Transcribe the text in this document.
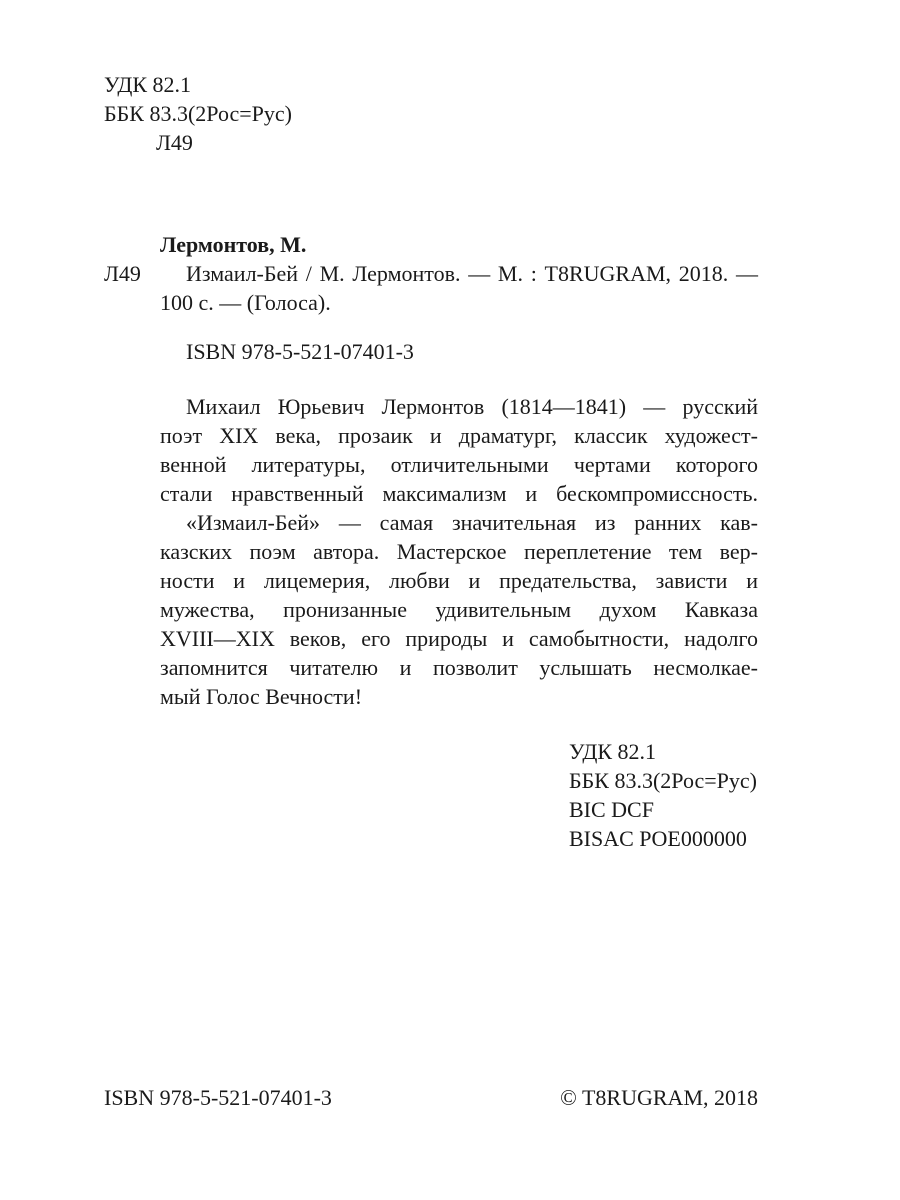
УДК 82.1
ББК 83.3(2Рос=Рус)
Л49
Лермонтов, М.
Л49 Измаил-Бей / М. Лермонтов. — М. : T8RUGRAM, 2018. —
100 с. — (Голоса).
ISBN 978-5-521-07401-3
Михаил Юрьевич Лермонтов (1814—1841) — русский
поэт XIX века, прозаик и драматург, классик художест-
венной литературы, отличительными чертами которого
стали нравственный максимализм и бескомпромиссность.
«Измаил-Бей» — самая значительная из ранних кав-
казских поэм автора. Мастерское переплетение тем вер-
ности и лицемерия, любви и предательства, зависти и
мужества, пронизанные удивительным духом Кавказа
XVIII—XIX веков, его природы и самобытности, надолго
запомнится читателю и позволит услышать несмолкае-
мый Голос Вечности!
УДК 82.1
ББК 83.3(2Рос=Рус)
BIC DCF
BISAC POE000000
ISBN 978-5-521-07401-3	© T8RUGRAM, 2018
